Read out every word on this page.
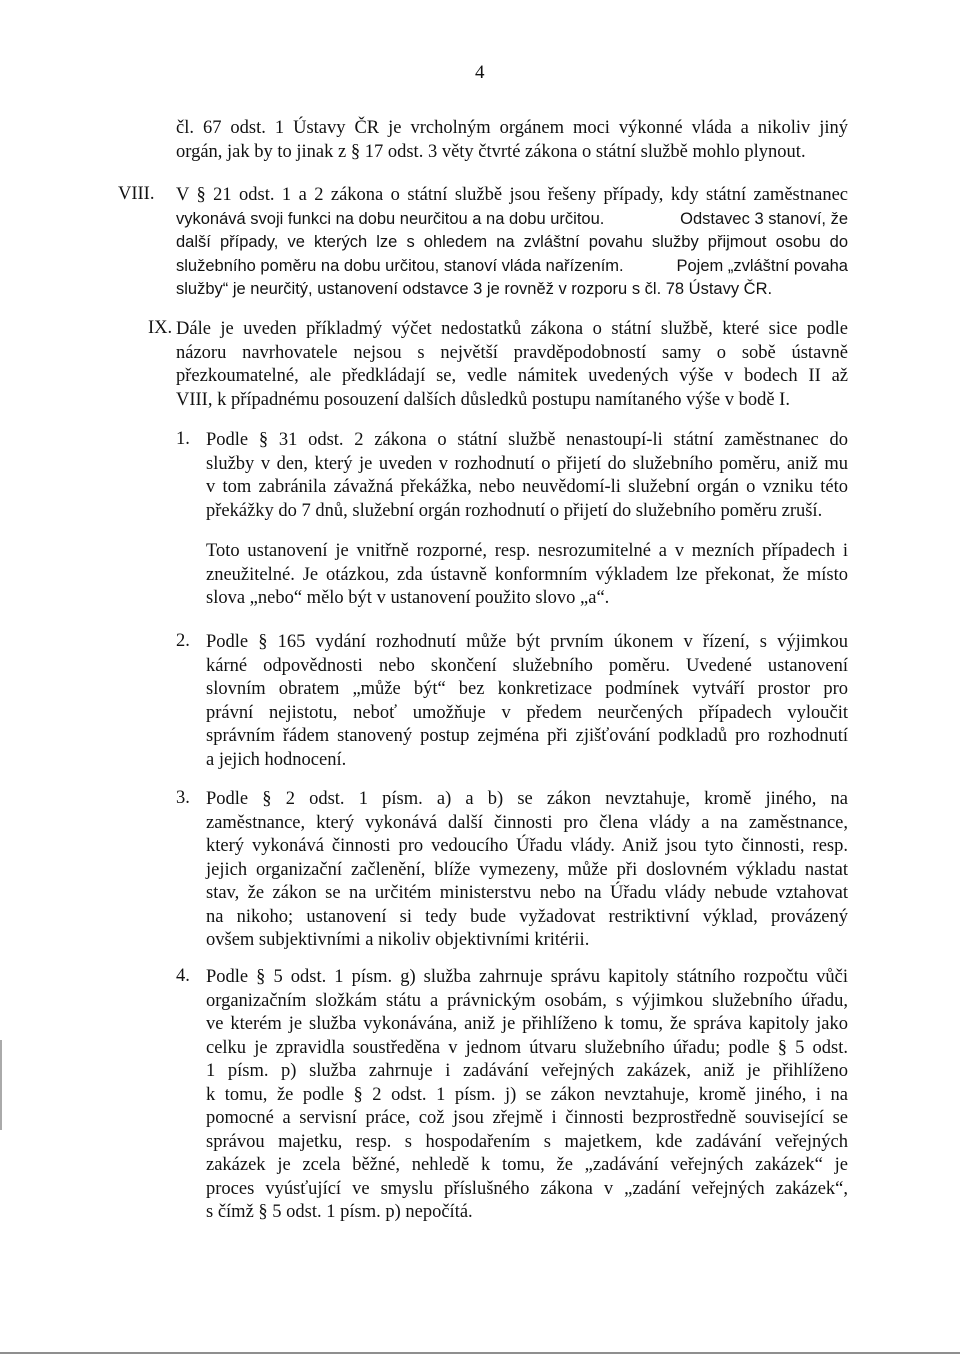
4
čl. 67 odst. 1 Ústavy ČR je vrcholným orgánem moci výkonné vláda a nikoliv jiný
orgán, jak by to jinak z § 17 odst. 3 věty čtvrté zákona o státní službě mohlo plynout.
VIII. V § 21 odst. 1 a 2 zákona o státní službě jsou řešeny případy, kdy státní zaměstnanec
vykonává svoji funkci na dobu neurčitou a na dobu určitou.	Odstavec 3 stanoví, že
další případy, ve kterých lze s ohledem na zvláštní povahu služby přijmout osobu do
služebního poměru na dobu určitou, stanoví vláda nařízením.	Pojem „zvláštní povaha
služby“ je neurčitý, ustanovení odstavce 3 je rovněž v rozporu s čl. 78 Ústavy ČR.
IX. Dále je uveden příkladmý výčet nedostatků zákona o státní službě, které sice podle
názoru navrhovatele nejsou s největší pravděpodobností samy o sobě ústavně
přezkoumatelné, ale předkládají se, vedle námitek uvedených výše v bodech II až
VIII, k případnému posouzení dalších důsledků postupu namítaného výše v bodě I.
1. Podle § 31 odst. 2 zákona o státní službě nenastoupí-li státní zaměstnanec do
služby v den, který je uveden v rozhodnutí o přijetí do služebního poměru, aniž mu
v tom zabránila závažná překážka, nebo neuvědomí-li služební orgán o vzniku této
překážky do 7 dnů, služební orgán rozhodnutí o přijetí do služebního poměru zruší.
Toto ustanovení je vnitřně rozporné, resp. nesrozumitelné a v mezních případech i
zneužitelné. Je otázkou, zda ústavně konformním výkladem lze překonat, že místo
slova „nebo“ mělo být v ustanovení použito slovo „a“.
2. Podle § 165 vydání rozhodnutí může být prvním úkonem v řízení, s výjimkou
kárné odpovědnosti nebo skončení služebního poměru. Uvedené ustanovení
slovním obratem „může být“ bez konkretizace podmínek vytváří prostor pro
právní nejistotu, neboť umožňuje v předem neurčených případech vyloučit
správním řádem stanovený postup zejména při zjišťování podkladů pro rozhodnutí
a jejich hodnocení.
3. Podle § 2 odst. 1 písm. a) a b) se zákon nevztahuje, kromě jiného, na
zaměstnance, který vykonává další činnosti pro člena vlády a na zaměstnance,
který vykonává činnosti pro vedoucího Úřadu vlády. Aniž jsou tyto činnosti, resp.
jejich organizační začlenění, blíže vymezeny, může při doslovném výkladu nastat
stav, že zákon se na určitém ministerstvu nebo na Úřadu vlády nebude vztahovat
na nikoho; ustanovení si tedy bude vyžadovat restriktivní výklad, provázený
ovšem subjektivními a nikoliv objektivními kritérii.
4. Podle § 5 odst. 1 písm. g) služba zahrnuje správu kapitoly státního rozpočtu vůči
organizačním složkám státu a právnickým osobám, s výjimkou služebního úřadu,
ve kterém je služba vykonávána, aniž je přihlíženo k tomu, že správa kapitoly jako
celku je zpravidla soustředěna v jednom útvaru služebního úřadu; podle § 5 odst.
1 písm. p) služba zahrnuje i zadávání veřejných zakázek, aniž je přihlíženo
k tomu, že podle § 2 odst. 1 písm. j) se zákon nevztahuje, kromě jiného, i na
pomocné a servisní práce, což jsou zřejmě i činnosti bezprostředně související se
správou majetku, resp. s hospodařením s majetkem, kde zadávání veřejných
zakázek je zcela běžné, nehledě k tomu, že „zadávání veřejných zakázek“ je
proces vyúsťující ve smyslu příslušného zákona v „zadání veřejných zakázek“,
s čímž § 5 odst. 1 písm. p) nepočítá.
